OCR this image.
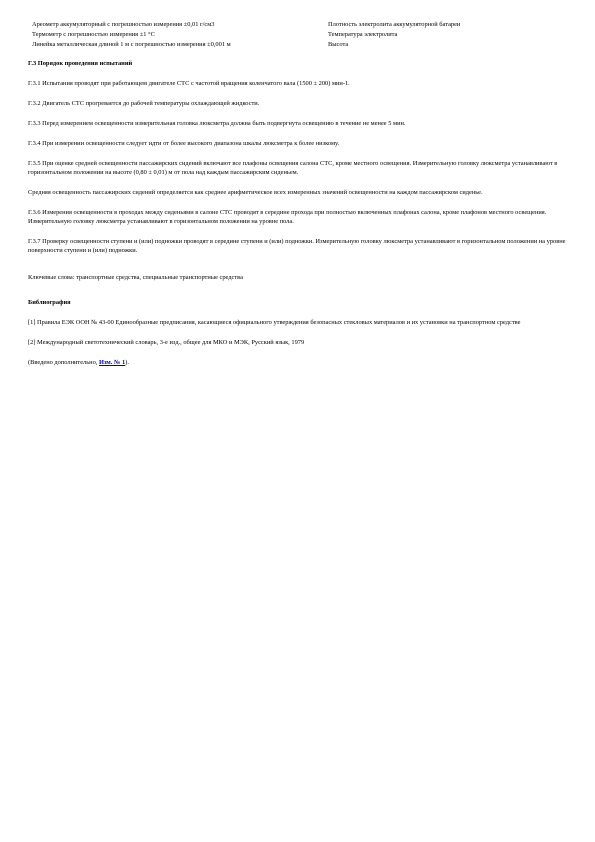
Ареометр аккумуляторный с погрешностью измерения ±0,01 г/см3	Плотность электролита аккумуляторной батареи
Термометр с погрешностью измерения ±1 °С	Температура электролита
Линейка металлическая длиной 1 м с погрешностью измерения ±0,001 м	Высота
Г.3 Порядок проведения испытаний

Г.3.1 Испытания проводят при работающем двигателе СТС с частотой вращения коленчатого вала (1500 ± 200) мин-1.

Г.3.2 Двигатель СТС прогревается до рабочей температуры охлаждающей жидкости.

Г.3.3 Перед измерением освещенности измерительная головка люксметра должна быть подвергнута освещению в течение не менее 5 мин.

Г.3.4 При измерении освещенности следует идти от более высокого диапазона шкалы люксметра к более низкому.

Г.3.5 При оценке средней освещенности пассажирских сидений включают все плафоны освещения салона СТС, кроме местного освещения. Измерительную головку люксметра устанавливают в горизонтальном положении на высоте (0,80 ± 0,01) м от пола над каждым пассажирским сиденьем.

Средняя освещенность пассажирских сидений определяется как среднее арифметическое всех измеренных значений освещенности на каждом пассажирском сиденье.

Г.3.6 Измерения освещенности в проходах между сиденьями в салоне СТС проводят в середине прохода при полностью включенных плафонах салона, кроме плафонов местного освещения. Измерительную головку люксметра устанавливают в горизонтальном положении на уровне пола.

Г.3.7 Проверку освещенности ступени и (или) подножки проводят в середине ступени и (или) подножки. Измерительную головку люксметра устанавливают в горизонтальном положении на уровне поверхности ступени и (или) подножки.

Ключевые слова: транспортные средства, специальные транспортные средства

Библиография

[1] Правила ЕЭК ООН № 43-00 Единообразные предписания, касающиеся официального утверждения безопасных стекловых материалов и их установки на транспортном средстве

[2] Международный светотехнический словарь, 3-е изд., общее для МКО и МЭК, Русский язык, 1979

(Введено дополнительно, Изм. № 1).
